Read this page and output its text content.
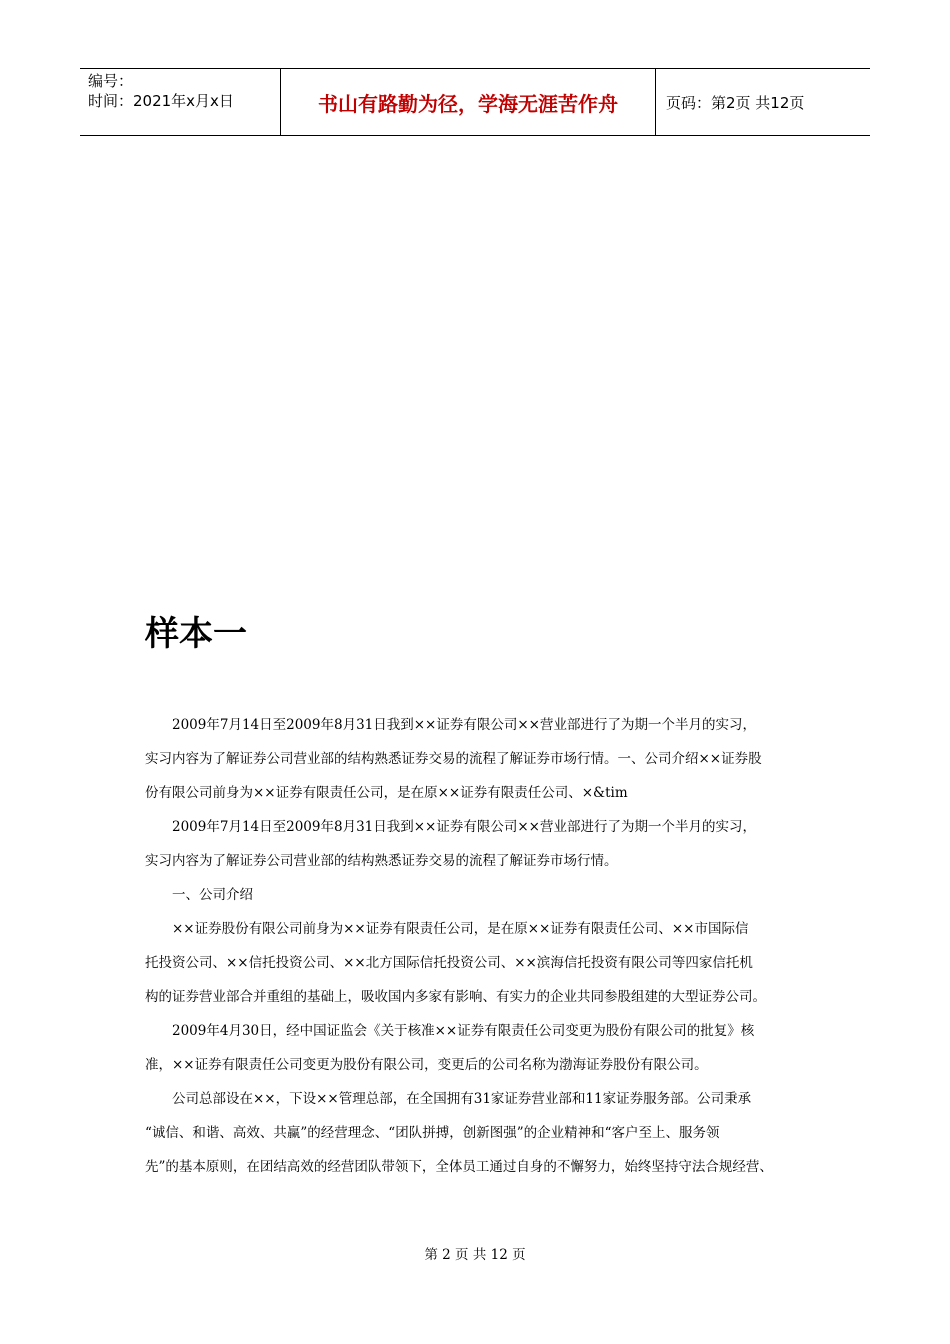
编号：
时间：2021年x月x日	书山有路勤为径，学海无涯苦作舟	页码：第2页 共12页
样本一

2009年7月14日至2009年8月31日我到××证券有限公司××营业部进行了为期一个半月的实习，

实习内容为了解证券公司营业部的结构熟悉证券交易的流程了解证券市场行情。一、公司介绍××证券股

份有限公司前身为××证券有限责任公司，是在原××证券有限责任公司、×&tim

2009年7月14日至2009年8月31日我到××证券有限公司××营业部进行了为期一个半月的实习，

实习内容为了解证券公司营业部的结构熟悉证券交易的流程了解证券市场行情。

一、公司介绍

××证券股份有限公司前身为××证券有限责任公司，是在原××证券有限责任公司、××市国际信

托投资公司、××信托投资公司、××北方国际信托投资公司、××滨海信托投资有限公司等四家信托机

构的证券营业部合并重组的基础上，吸收国内多家有影响、有实力的企业共同参股组建的大型证券公司。

2009年4月30日，经中国证监会《关于核准××证券有限责任公司变更为股份有限公司的批复》核

准，××证券有限责任公司变更为股份有限公司，变更后的公司名称为渤海证券股份有限公司。

公司总部设在××，下设××管理总部，在全国拥有31家证券营业部和11家证券服务部。公司秉承

“诚信、和谐、高效、共赢”的经营理念、“团队拼搏，创新图强”的企业精神和“客户至上、服务领

先”的基本原则，在团结高效的经营团队带领下，全体员工通过自身的不懈努力，始终坚持守法合规经营、

第 2 页 共 12 页
